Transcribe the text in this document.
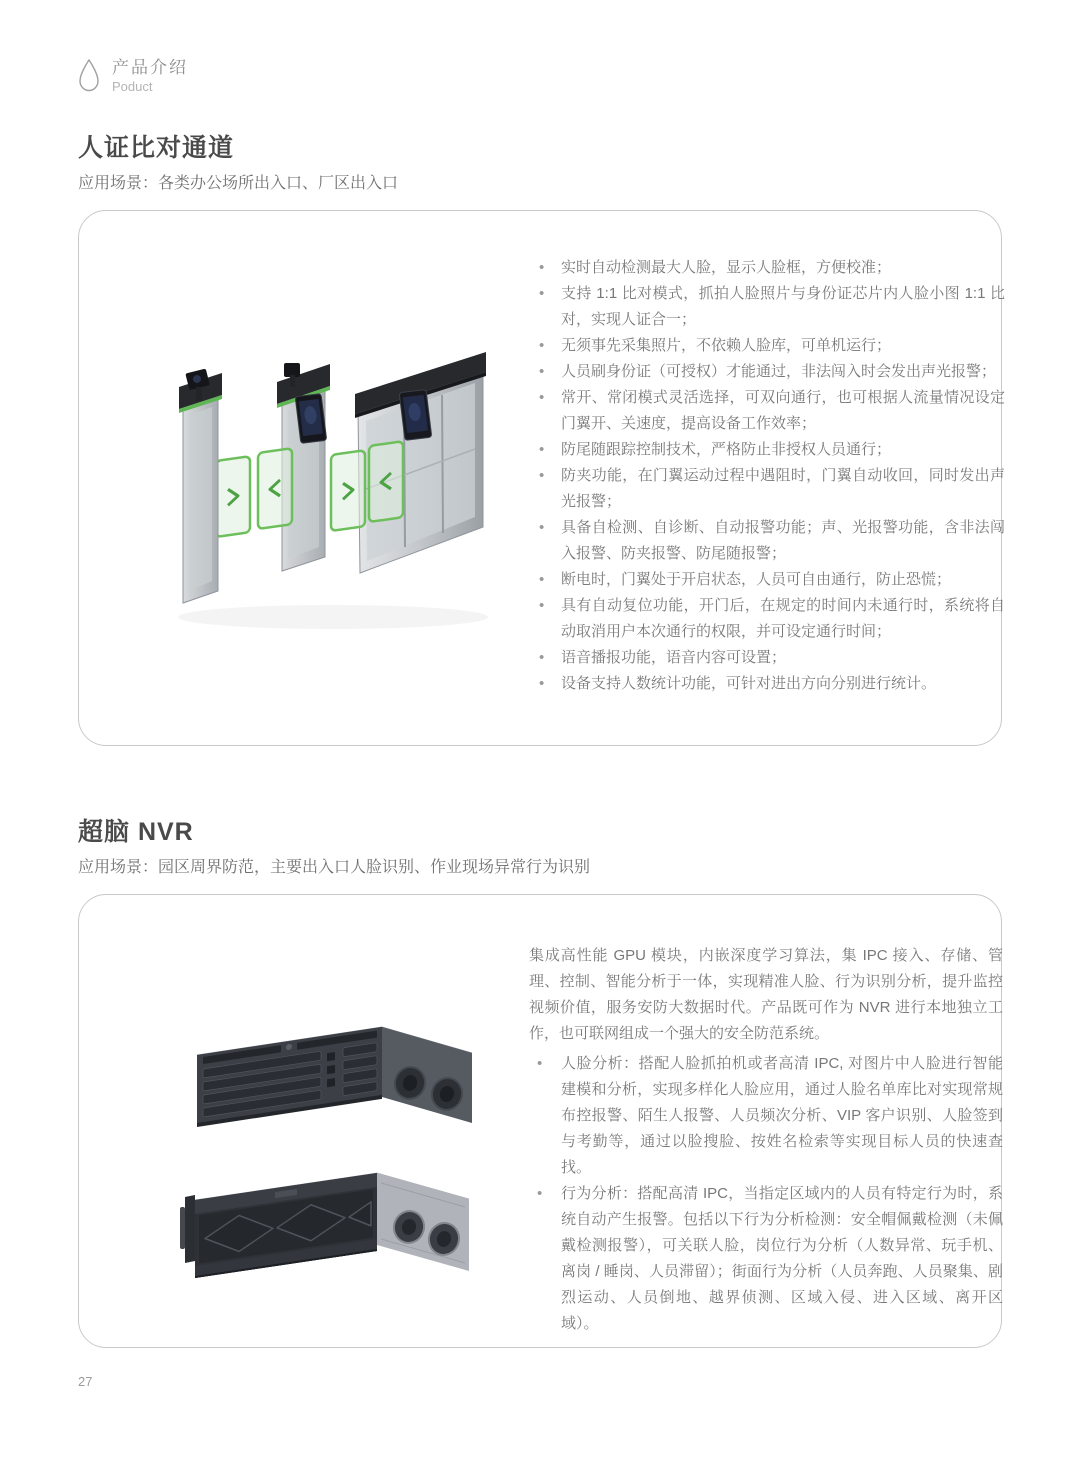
产品介绍
Poduct
人证比对通道

应用场景：各类办公场所出入口、厂区出入口

• 实时自动检测最大人脸，显示人脸框，方便校准；
• 支持 1:1 比对模式，抓拍人脸照片与身份证芯片内人脸小图 1:1 比对，实现人证合一；
• 无须事先采集照片，不依赖人脸库，可单机运行；
• 人员刷身份证（可授权）才能通过，非法闯入时会发出声光报警；
• 常开、常闭模式灵活选择，可双向通行，也可根据人流量情况设定门翼开、关速度，提高设备工作效率；
• 防尾随跟踪控制技术，严格防止非授权人员通行；
• 防夹功能，在门翼运动过程中遇阻时，门翼自动收回，同时发出声光报警；
• 具备自检测、自诊断、自动报警功能；声、光报警功能，含非法闯入报警、防夹报警、防尾随报警；
• 断电时，门翼处于开启状态，人员可自由通行，防止恐慌；
• 具有自动复位功能，开门后，在规定的时间内未通行时，系统将自动取消用户本次通行的权限，并可设定通行时间；
• 语音播报功能，语音内容可设置；
• 设备支持人数统计功能，可针对进出方向分别进行统计。
超脑 NVR

应用场景：园区周界防范，主要出入口人脸识别、作业现场异常行为识别

集成高性能 GPU 模块，内嵌深度学习算法，集 IPC 接入、存储、管理、控制、智能分析于一体，实现精准人脸、行为识别分析，提升监控视频价值，服务安防大数据时代。产品既可作为 NVR 进行本地独立工作，也可联网组成一个强大的安全防范系统。

• 人脸分析：搭配人脸抓拍机或者高清 IPC, 对图片中人脸进行智能建模和分析，实现多样化人脸应用，通过人脸名单库比对实现常规布控报警、陌生人报警、人员频次分析、VIP 客户识别、人脸签到与考勤等，通过以脸搜脸、按姓名检索等实现目标人员的快速查找。
• 行为分析：搭配高清 IPC，当指定区域内的人员有特定行为时，系统自动产生报警。包括以下行为分析检测：安全帽佩戴检测（未佩戴检测报警），可关联人脸，岗位行为分析（人数异常、玩手机、离岗 / 睡岗、人员滞留）；街面行为分析（人员奔跑、人员聚集、剧烈运动、人员倒地、越界侦测、区域入侵、进入区域、离开区域）。
27
